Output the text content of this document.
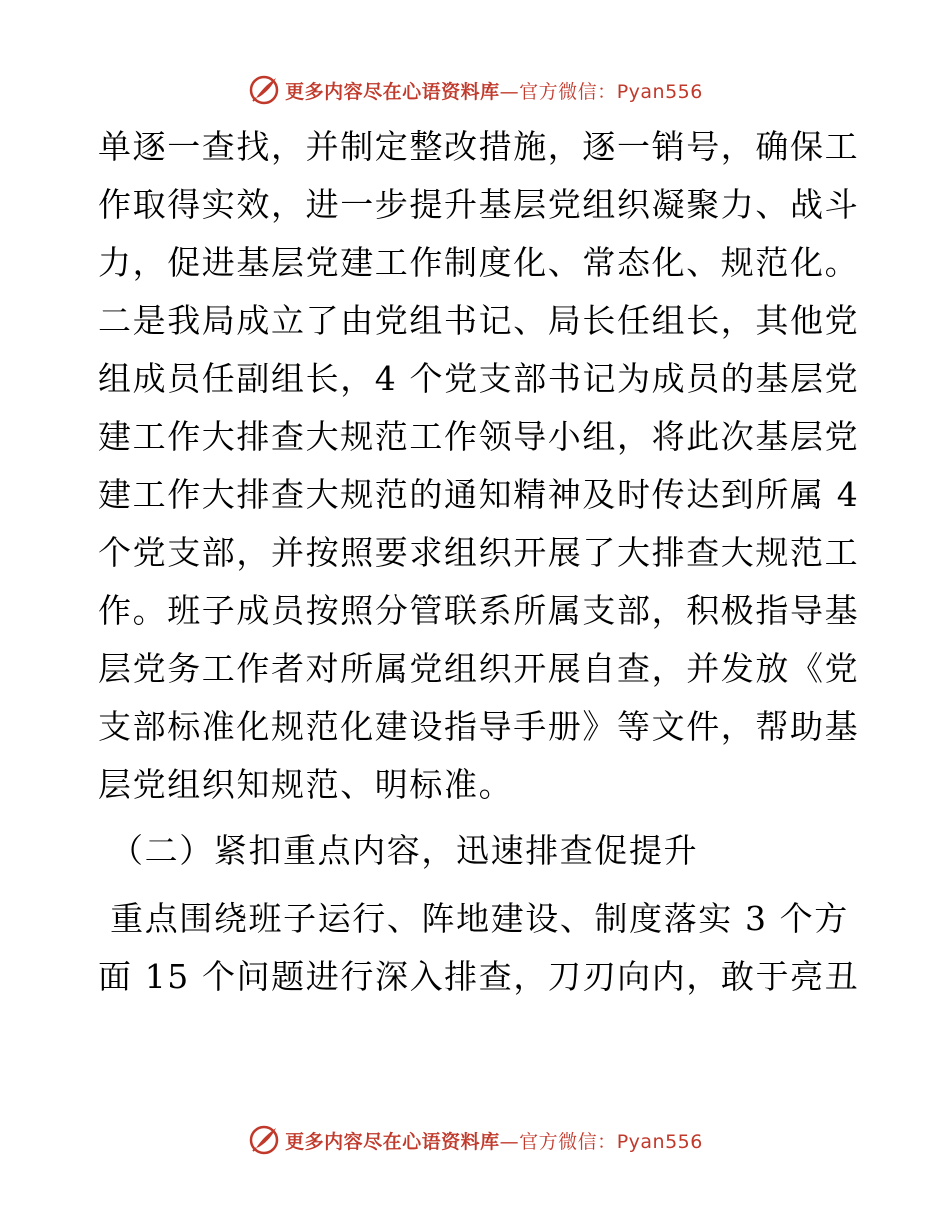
更多内容尽在心语资料库—官方微信：Pyan556
单逐一查找，并制定整改措施，逐一销号，确保工
作取得实效，进一步提升基层党组织凝聚力、战斗
力，促进基层党建工作制度化、常态化、规范化。
二是我局成立了由党组书记、局长任组长，其他党
组成员任副组长，4 个党支部书记为成员的基层党
建工作大排查大规范工作领导小组，将此次基层党
建工作大排查大规范的通知精神及时传达到所属 4
个党支部，并按照要求组织开展了大排查大规范工
作。班子成员按照分管联系所属支部，积极指导基
层党务工作者对所属党组织开展自查，并发放《党
支部标准化规范化建设指导手册》等文件，帮助基
层党组织知规范、明标准。
（二）紧扣重点内容，迅速排查促提升
重点围绕班子运行、阵地建设、制度落实 3 个方
面 15 个问题进行深入排查，刀刃向内，敢于亮丑
更多内容尽在心语资料库—官方微信：Pyan556
